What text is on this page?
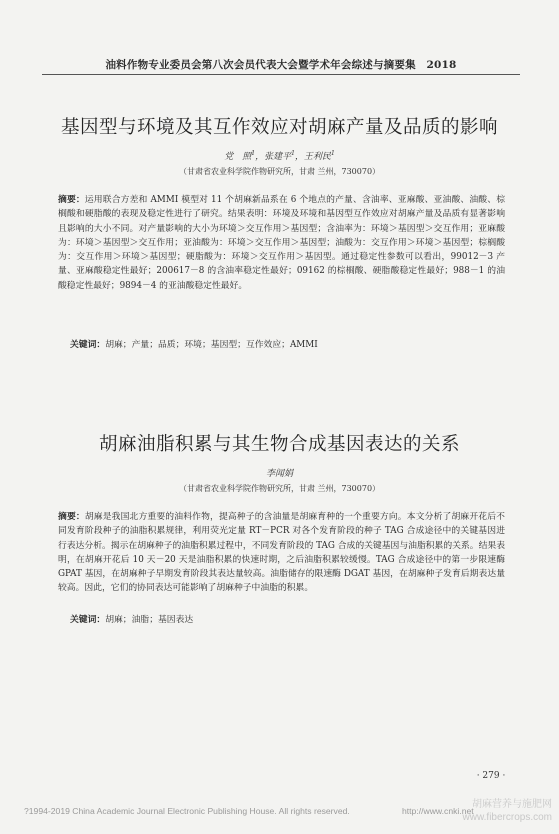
油料作物专业委员会第八次会员代表大会暨学术年会综述与摘要集　2018
基因型与环境及其互作效应对胡麻产量及品质的影响
党　照$^1$，张建平$^1$，王利民$^1$
（甘肃省农业科学院作物研究所，甘肃 兰州，730070）
摘要：运用联合方差和 AMMI 模型对 11 个胡麻新品系在 6 个地点的产量、含油率、亚麻酸、亚油酸、油酸、棕榈酸和硬脂酸的表现及稳定性进行了研究。结果表明：环境及环境和基因型互作效应对胡麻产量及品质有显著影响且影响的大小不同。对产量影响的大小为环境＞交互作用＞基因型；含油率为：环境＞基因型＞交互作用；亚麻酸为：环境＞基因型＞交互作用；亚油酸为：环境＞交互作用＞基因型；油酸为：交互作用＞环境＞基因型；棕榈酸为：交互作用＞环境＞基因型；硬脂酸为：环境＞交互作用＞基因型。通过稳定性参数可以看出，99012－3 产量、亚麻酸稳定性最好；200617－8 的含油率稳定性最好；09162 的棕榈酸、硬脂酸稳定性最好；988－1 的油酸稳定性最好；9894－4 的亚油酸稳定性最好。
关键词：胡麻；产量；品质；环境；基因型；互作效应；AMMI
胡麻油脂积累与其生物合成基因表达的关系
李闻娟
（甘肃省农业科学院作物研究所，甘肃 兰州，730070）
摘要：胡麻是我国北方重要的油料作物，提高种子的含油量是胡麻育种的一个重要方向。本文分析了胡麻开花后不同发育阶段种子的油脂积累规律，利用荧光定量 RT－PCR 对各个发育阶段的种子 TAG 合成途径中的关键基因进行表达分析。揭示在胡麻种子的油脂积累过程中，不同发育阶段的 TAG 合成的关键基因与油脂积累的关系。结果表明，在胡麻开花后 10 天－20 天是油脂积累的快速时期，之后油脂积累较缓慢。TAG 合成途径中的第一步限速酶 GPAT 基因，在胡麻种子早期发育阶段其表达量较高。油脂储存的限速酶 DGAT 基因，在胡麻种子发育后期表达量较高。因此，它们的协同表达可能影响了胡麻种子中油脂的积累。
关键词：胡麻；油脂；基因表达
· 279 ·
?1994-2019 China Academic Journal Electronic Publishing House. All rights reserved.	http://www.cnki.net
胡麻营养与施肥网
www.fibercrops.com
